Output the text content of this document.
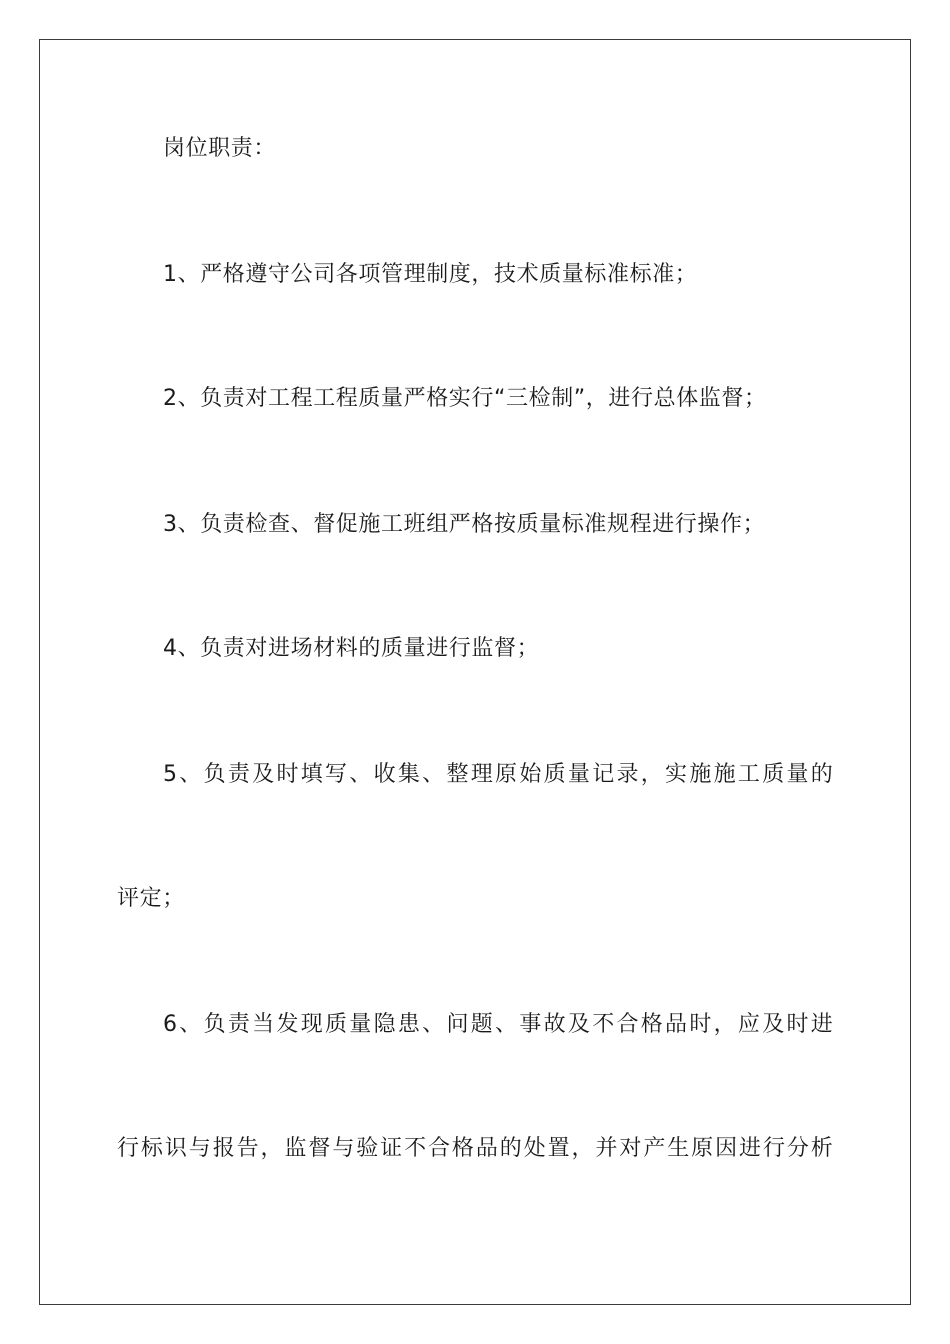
岗位职责：
1、严格遵守公司各项管理制度，技术质量标准标准；
2、负责对工程工程质量严格实行“三检制”，进行总体监督；
3、负责检查、督促施工班组严格按质量标准规程进行操作；
4、负责对进场材料的质量进行监督；
5、负责及时填写、收集、整理原始质量记录，实施施工质量的
评定；
6、负责当发现质量隐患、问题、事故及不合格品时，应及时进
行标识与报告，监督与验证不合格品的处置，并对产生原因进行分析
